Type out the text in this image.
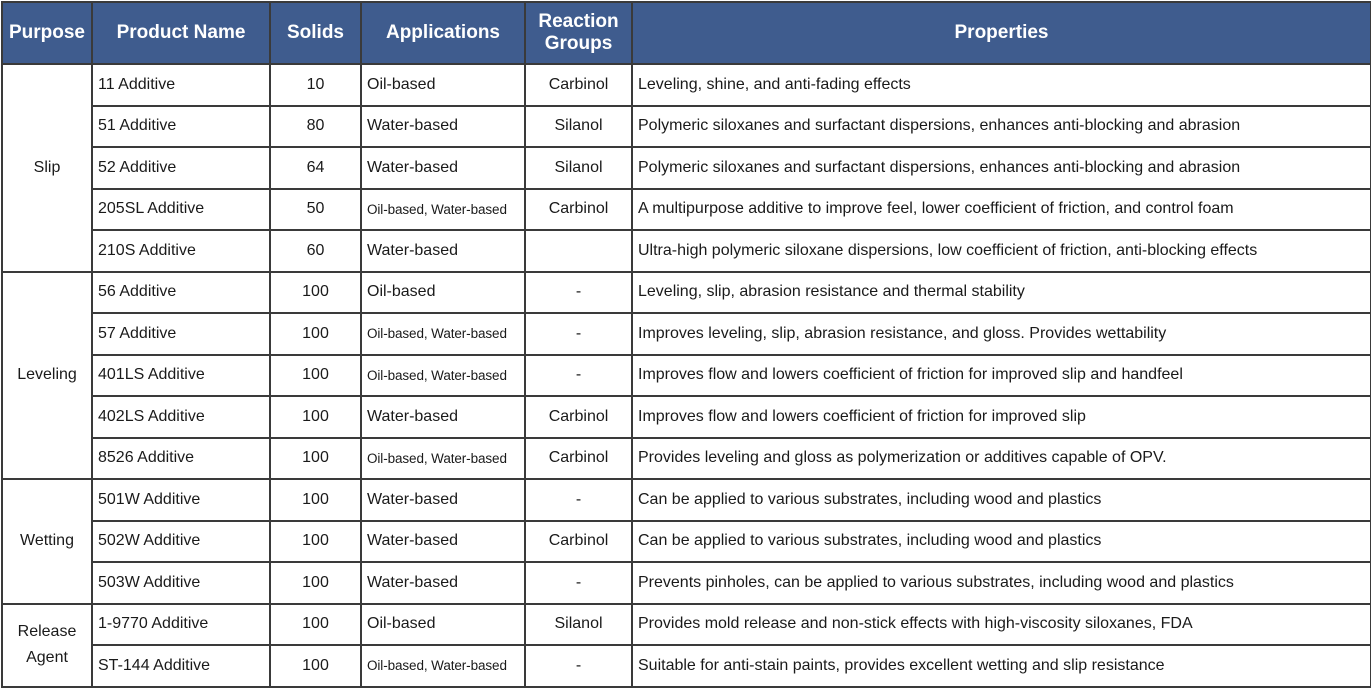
Purpose	Product Name	Solids	Applications	Reaction Groups	Properties
Slip	11 Additive	10	Oil-based	Carbinol	Leveling, shine, and anti-fading effects
	51 Additive	80	Water-based	Silanol	Polymeric siloxanes and surfactant dispersions, enhances anti-blocking and abrasion
	52 Additive	64	Water-based	Silanol	Polymeric siloxanes and surfactant dispersions, enhances anti-blocking and abrasion
	205SL Additive	50	Oil-based, Water-based	Carbinol	A multipurpose additive to improve feel, lower coefficient of friction, and control foam
	210S Additive	60	Water-based		Ultra-high polymeric siloxane dispersions, low coefficient of friction, anti-blocking effects
Leveling	56 Additive	100	Oil-based	-	Leveling, slip, abrasion resistance and thermal stability
	57 Additive	100	Oil-based, Water-based	-	Improves leveling, slip, abrasion resistance, and gloss. Provides wettability
	401LS Additive	100	Oil-based, Water-based	-	Improves flow and lowers coefficient of friction for improved slip and handfeel
	402LS Additive	100	Water-based	Carbinol	Improves flow and lowers coefficient of friction for improved slip
	8526 Additive	100	Oil-based, Water-based	Carbinol	Provides leveling and gloss as polymerization or additives capable of OPV.
Wetting	501W Additive	100	Water-based	-	Can be applied to various substrates, including wood and plastics
	502W Additive	100	Water-based	Carbinol	Can be applied to various substrates, including wood and plastics
	503W Additive	100	Water-based	-	Prevents pinholes, can be applied to various substrates, including wood and plastics
Release Agent	1-9770 Additive	100	Oil-based	Silanol	Provides mold release and non-stick effects with high-viscosity siloxanes, FDA
	ST-144 Additive	100	Oil-based, Water-based	-	Suitable for anti-stain paints, provides excellent wetting and slip resistance
